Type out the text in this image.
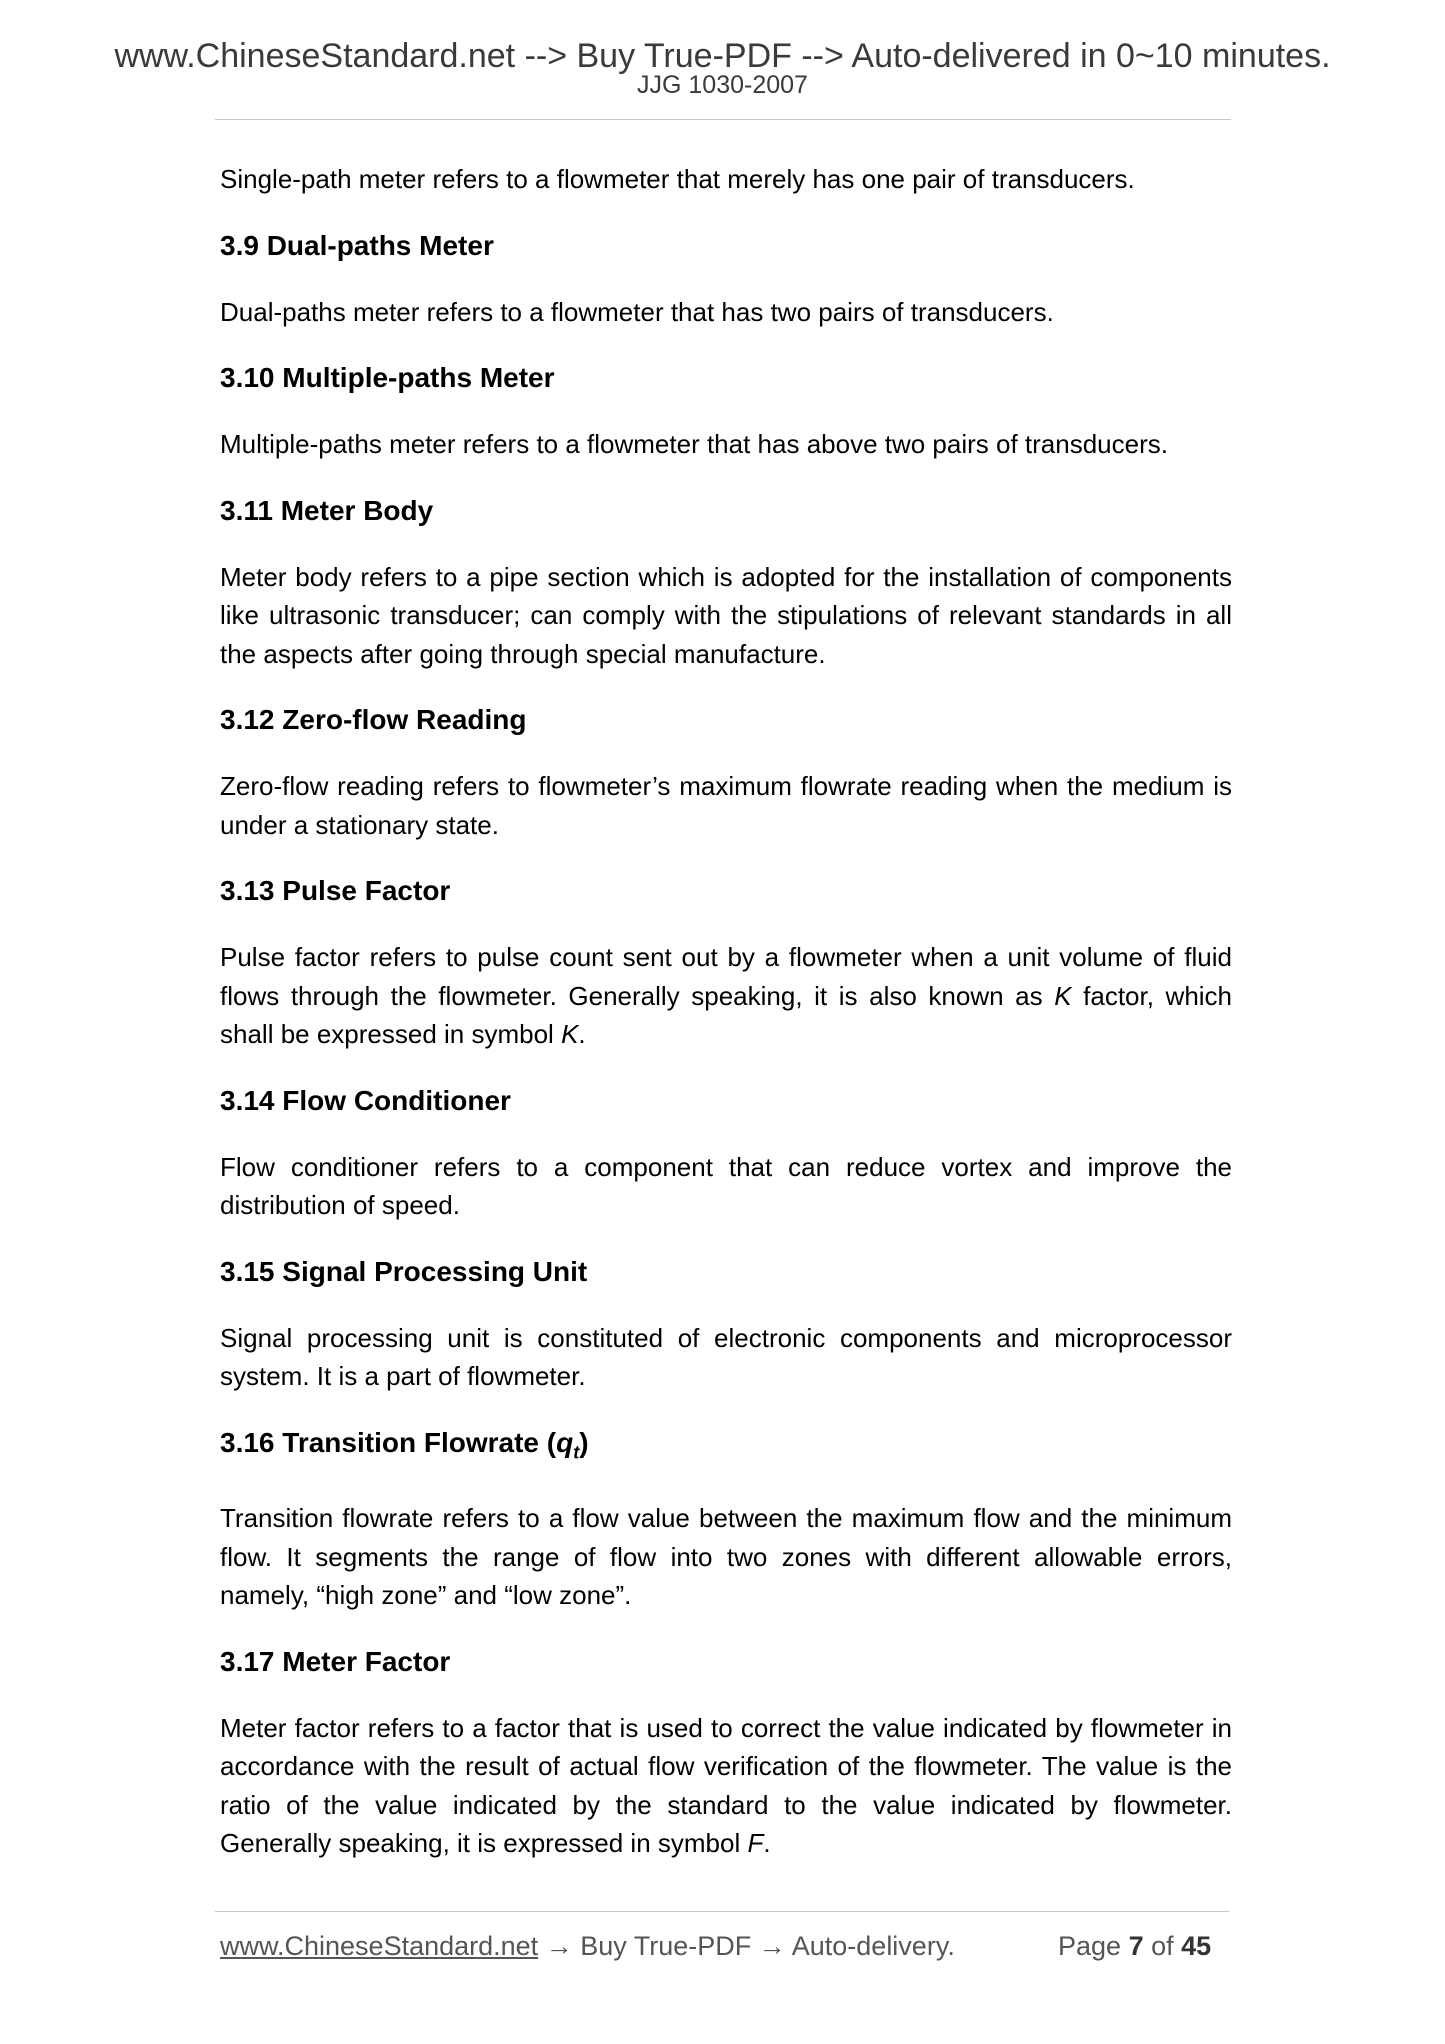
www.ChineseStandard.net --> Buy True-PDF --> Auto-delivered in 0~10 minutes.
JJG 1030-2007

Single-path meter refers to a flowmeter that merely has one pair of transducers.

3.9 Dual-paths Meter

Dual-paths meter refers to a flowmeter that has two pairs of transducers.

3.10 Multiple-paths Meter

Multiple-paths meter refers to a flowmeter that has above two pairs of transducers.

3.11 Meter Body

Meter body refers to a pipe section which is adopted for the installation of components like ultrasonic transducer; can comply with the stipulations of relevant standards in all the aspects after going through special manufacture.

3.12 Zero-flow Reading

Zero-flow reading refers to flowmeter’s maximum flowrate reading when the medium is under a stationary state.

3.13 Pulse Factor

Pulse factor refers to pulse count sent out by a flowmeter when a unit volume of fluid flows through the flowmeter. Generally speaking, it is also known as K factor, which shall be expressed in symbol K.

3.14 Flow Conditioner

Flow conditioner refers to a component that can reduce vortex and improve the distribution of speed.

3.15 Signal Processing Unit

Signal processing unit is constituted of electronic components and microprocessor system. It is a part of flowmeter.

3.16 Transition Flowrate $(q_t)$

Transition flowrate refers to a flow value between the maximum flow and the minimum flow. It segments the range of flow into two zones with different allowable errors, namely, “high zone” and “low zone”.

3.17 Meter Factor

Meter factor refers to a factor that is used to correct the value indicated by flowmeter in accordance with the result of actual flow verification of the flowmeter. The value is the ratio of the value indicated by the standard to the value indicated by flowmeter. Generally speaking, it is expressed in symbol F.

www.ChineseStandard.net → Buy True-PDF → Auto-delivery.	Page 7 of 45
